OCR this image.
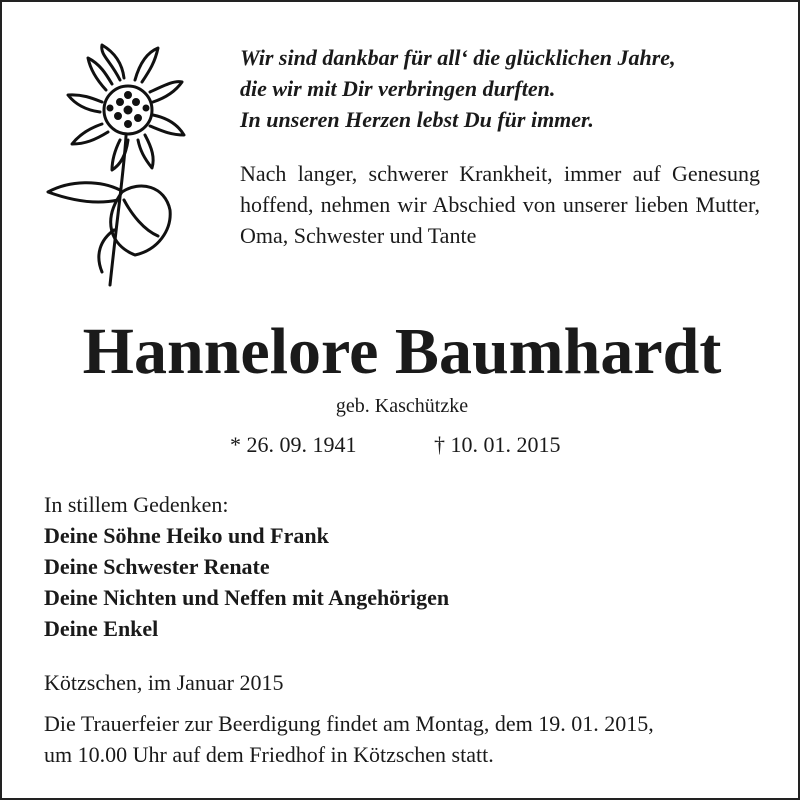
Wir sind dankbar für all‘ die glücklichen Jahre,
die wir mit Dir verbringen durften.
In unseren Herzen lebst Du für immer.
Nach langer, schwerer Krankheit, immer auf Genesung hoffend, nehmen wir Abschied von unserer lieben Mutter, Oma, Schwester und Tante
Hannelore Baumhardt
geb. Kaschützke
* 26. 09. 1941	† 10. 01. 2015
In stillem Gedenken:
Deine Söhne Heiko und Frank
Deine Schwester Renate
Deine Nichten und Neffen mit Angehörigen
Deine Enkel
Kötzschen, im Januar 2015
Die Trauerfeier zur Beerdigung findet am Montag, dem 19. 01. 2015,
um 10.00 Uhr auf dem Friedhof in Kötzschen statt.
